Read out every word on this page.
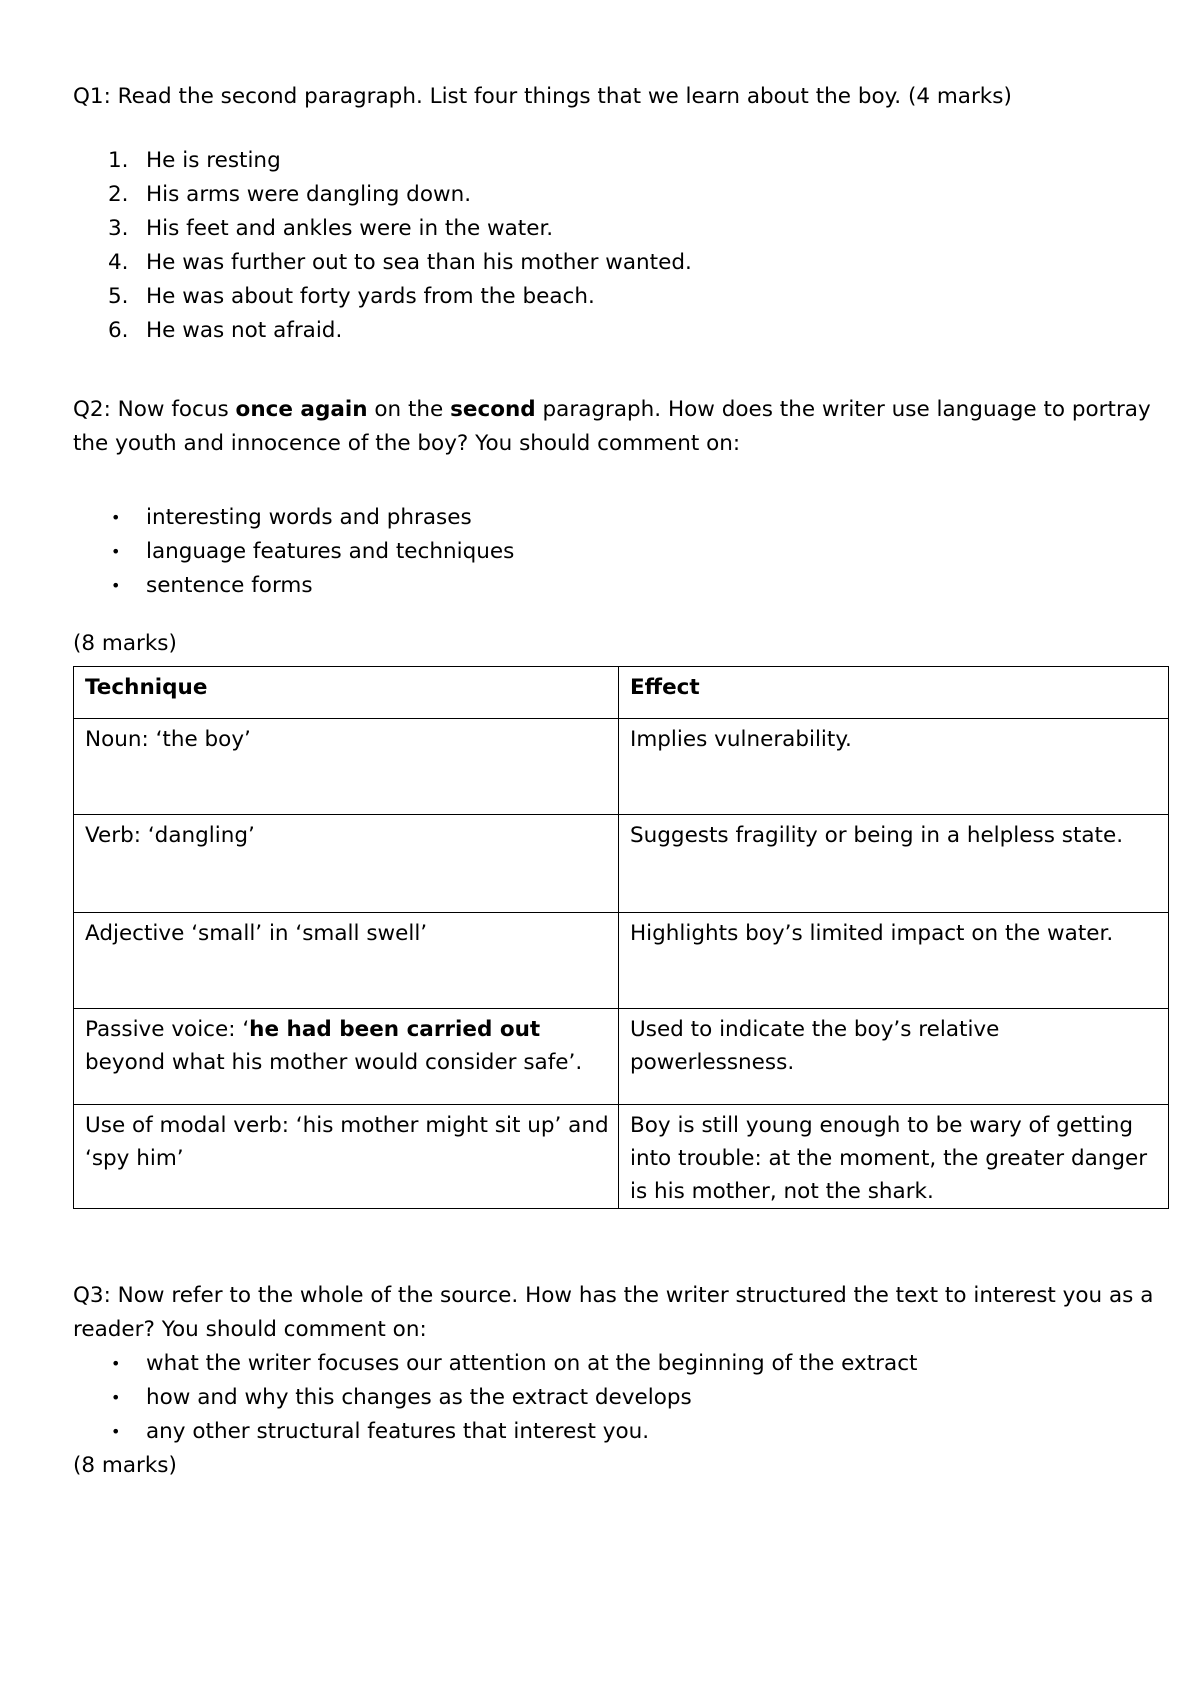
Q1: Read the second paragraph. List four things that we learn about the boy. (4 marks)

1. He is resting
2. His arms were dangling down.
3. His feet and ankles were in the water.
4. He was further out to sea than his mother wanted.
5. He was about forty yards from the beach.
6. He was not afraid.

Q2: Now focus once again on the second paragraph. How does the writer use language to portray the youth and innocence of the boy? You should comment on:

• interesting words and phrases
• language features and techniques
• sentence forms

(8 marks)

Technique	Effect
Noun: ‘the boy’	Implies vulnerability.
Verb: ‘dangling’	Suggests fragility or being in a helpless state.
Adjective ‘small’ in ‘small swell’	Highlights boy’s limited impact on the water.
Passive voice: ‘he had been carried out beyond what his mother would consider safe’.	Used to indicate the boy’s relative powerlessness.
Use of modal verb: ‘his mother might sit up’ and ‘spy him’	Boy is still young enough to be wary of getting into trouble: at the moment, the greater danger is his mother, not the shark.

Q3: Now refer to the whole of the source. How has the writer structured the text to interest you as a reader? You should comment on:

• what the writer focuses our attention on at the beginning of the extract
• how and why this changes as the extract develops
• any other structural features that interest you.

(8 marks)
